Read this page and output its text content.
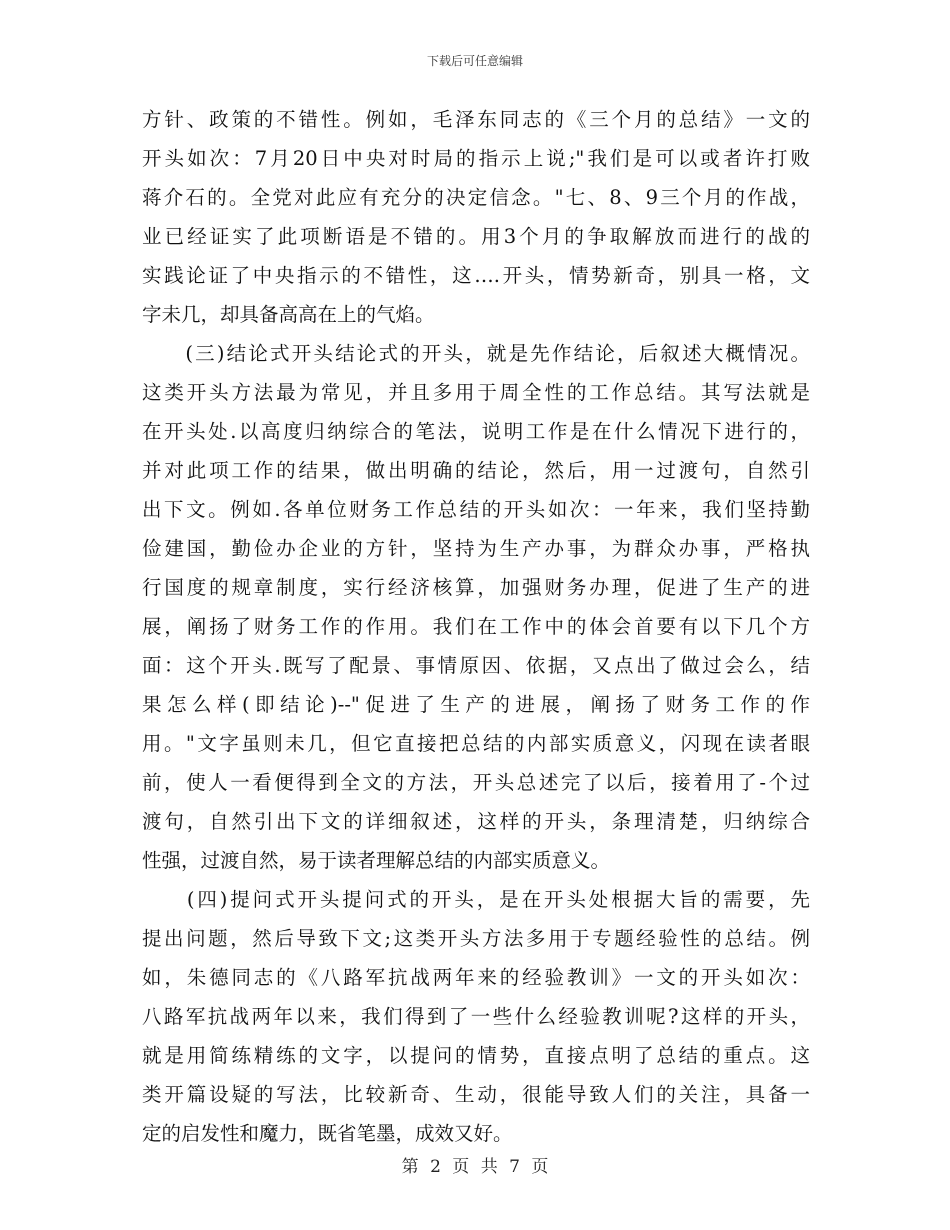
下载后可任意编辑
方针、政策的不错性。例如，毛泽东同志的《三个月的总结》一文的
开头如次：7月20日中央对时局的指示上说;"我们是可以或者许打败
蒋介石的。全党对此应有充分的决定信念。"七、8、9三个月的作战，
业已经证实了此项断语是不错的。用3个月的争取解放而进行的战的
实践论证了中央指示的不错性，这….开头，情势新奇，别具一格，文
字未几，却具备高高在上的气焰。
　　(三)结论式开头结论式的开头，就是先作结论，后叙述大概情况。
这类开头方法最为常见，并且多用于周全性的工作总结。其写法就是
在开头处.以高度归纳综合的笔法，说明工作是在什么情况下进行的，
并对此项工作的结果，做出明确的结论，然后，用一过渡句，自然引
出下文。例如.各单位财务工作总结的开头如次：一年来，我们坚持勤
俭建国，勤俭办企业的方针，坚持为生产办事，为群众办事，严格执
行国度的规章制度，实行经济核算，加强财务办理，促进了生产的进
展，阐扬了财务工作的作用。我们在工作中的体会首要有以下几个方
面：这个开头.既写了配景、事情原因、依据，又点出了做过会么，结
果怎么样(即结论)--"促进了生产的进展，阐扬了财务工作的作
用。"文字虽则未几，但它直接把总结的内部实质意义，闪现在读者眼
前，使人一看便得到全文的方法，开头总述完了以后，接着用了-个过
渡句，自然引出下文的详细叙述，这样的开头，条理清楚，归纳综合
性强，过渡自然，易于读者理解总结的内部实质意义。
　　(四)提问式开头提问式的开头，是在开头处根据大旨的需要，先
提出问题，然后导致下文;这类开头方法多用于专题经验性的总结。例
如，朱德同志的《八路军抗战两年来的经验教训》一文的开头如次：
八路军抗战两年以来，我们得到了一些什么经验教训呢?这样的开头，
就是用简练精练的文字，以提问的情势，直接点明了总结的重点。这
类开篇设疑的写法，比较新奇、生动，很能导致人们的关注，具备一
定的启发性和魔力，既省笔墨，成效又好。
第 2 页 共 7 页
